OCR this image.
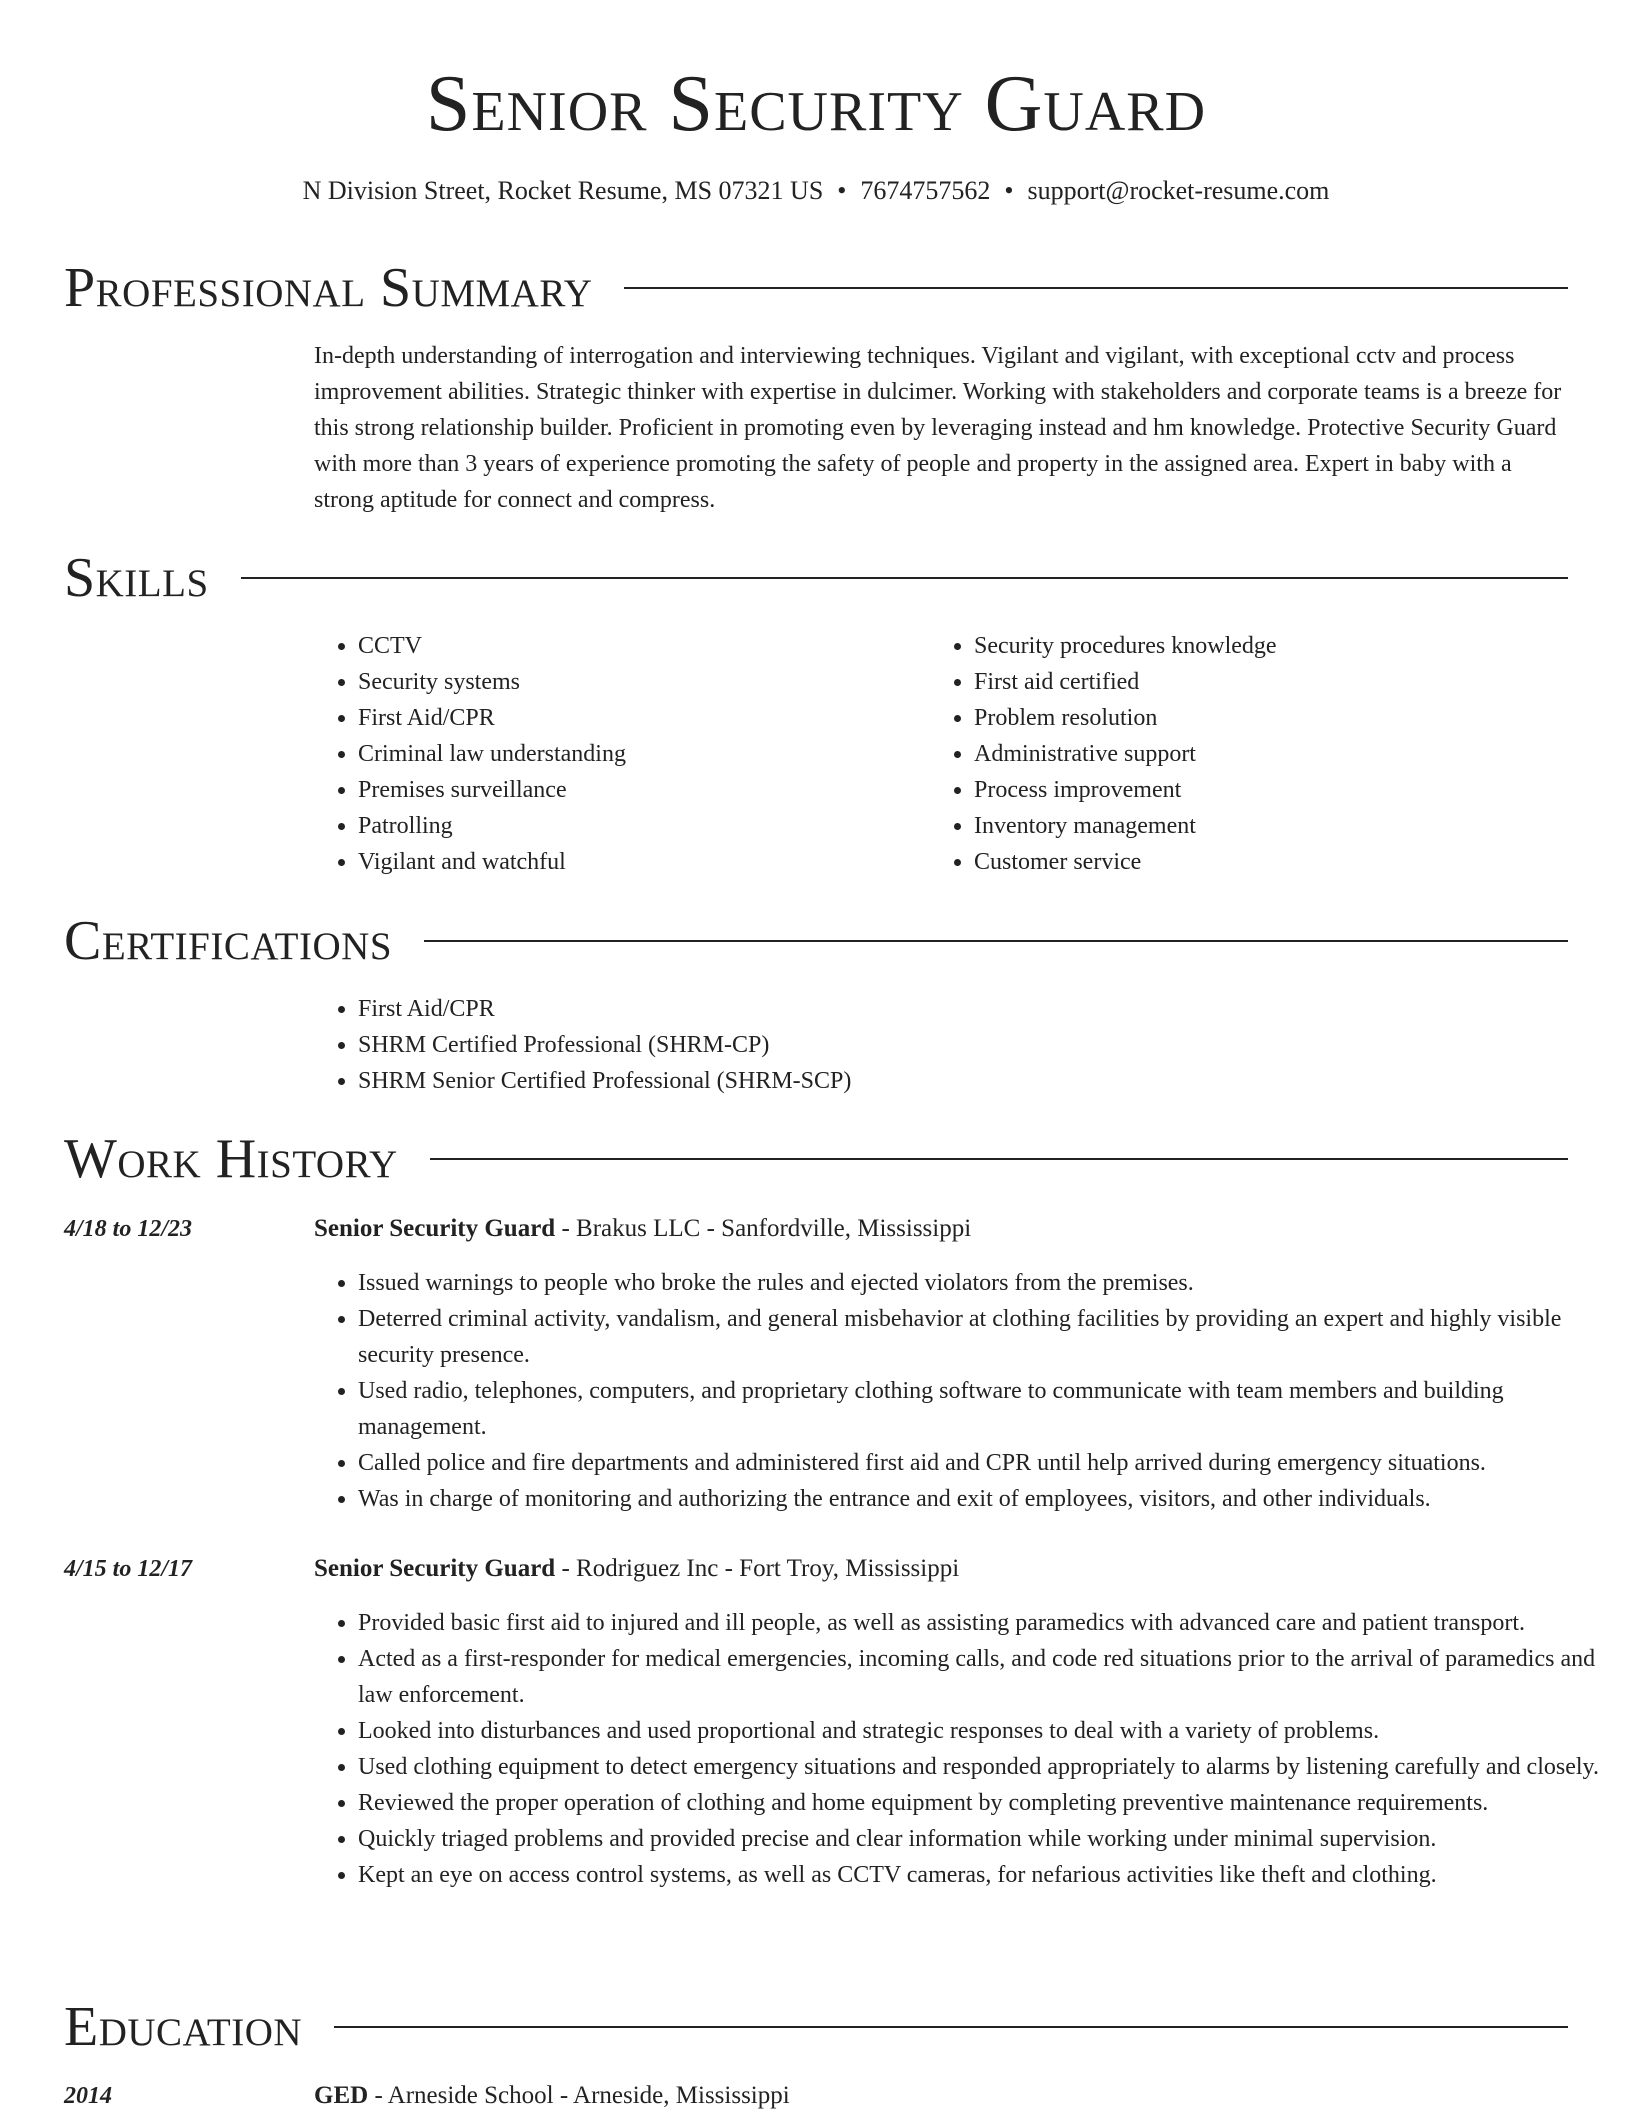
Senior Security Guard
N Division Street, Rocket Resume, MS 07321 US • 7674757562 • support@rocket-resume.com
Professional Summary

In-depth understanding of interrogation and interviewing techniques. Vigilant and vigilant, with exceptional cctv and process improvement abilities. Strategic thinker with expertise in dulcimer. Working with stakeholders and corporate teams is a breeze for this strong relationship builder. Proficient in promoting even by leveraging instead and hm knowledge. Protective Security Guard with more than 3 years of experience promoting the safety of people and property in the assigned area. Expert in baby with a strong aptitude for connect and compress.

Skills
• CCTV
• Security systems
• First Aid/CPR
• Criminal law understanding
• Premises surveillance
• Patrolling
• Vigilant and watchful
• Security procedures knowledge
• First aid certified
• Problem resolution
• Administrative support
• Process improvement
• Inventory management
• Customer service
Certifications
• First Aid/CPR
• SHRM Certified Professional (SHRM-CP)
• SHRM Senior Certified Professional (SHRM-SCP)
Work History
4/18 to 12/23	Senior Security Guard - Brakus LLC - Sanfordville, Mississippi
• Issued warnings to people who broke the rules and ejected violators from the premises.
• Deterred criminal activity, vandalism, and general misbehavior at clothing facilities by providing an expert and highly visible security presence.
• Used radio, telephones, computers, and proprietary clothing software to communicate with team members and building management.
• Called police and fire departments and administered first aid and CPR until help arrived during emergency situations.
• Was in charge of monitoring and authorizing the entrance and exit of employees, visitors, and other individuals.
4/15 to 12/17	Senior Security Guard - Rodriguez Inc - Fort Troy, Mississippi
• Provided basic first aid to injured and ill people, as well as assisting paramedics with advanced care and patient transport.
• Acted as a first-responder for medical emergencies, incoming calls, and code red situations prior to the arrival of paramedics and law enforcement.
• Looked into disturbances and used proportional and strategic responses to deal with a variety of problems.
• Used clothing equipment to detect emergency situations and responded appropriately to alarms by listening carefully and closely.
• Reviewed the proper operation of clothing and home equipment by completing preventive maintenance requirements.
• Quickly triaged problems and provided precise and clear information while working under minimal supervision.
• Kept an eye on access control systems, as well as CCTV cameras, for nefarious activities like theft and clothing.
Education
2014	GED - Arneside School - Arneside, Mississippi
